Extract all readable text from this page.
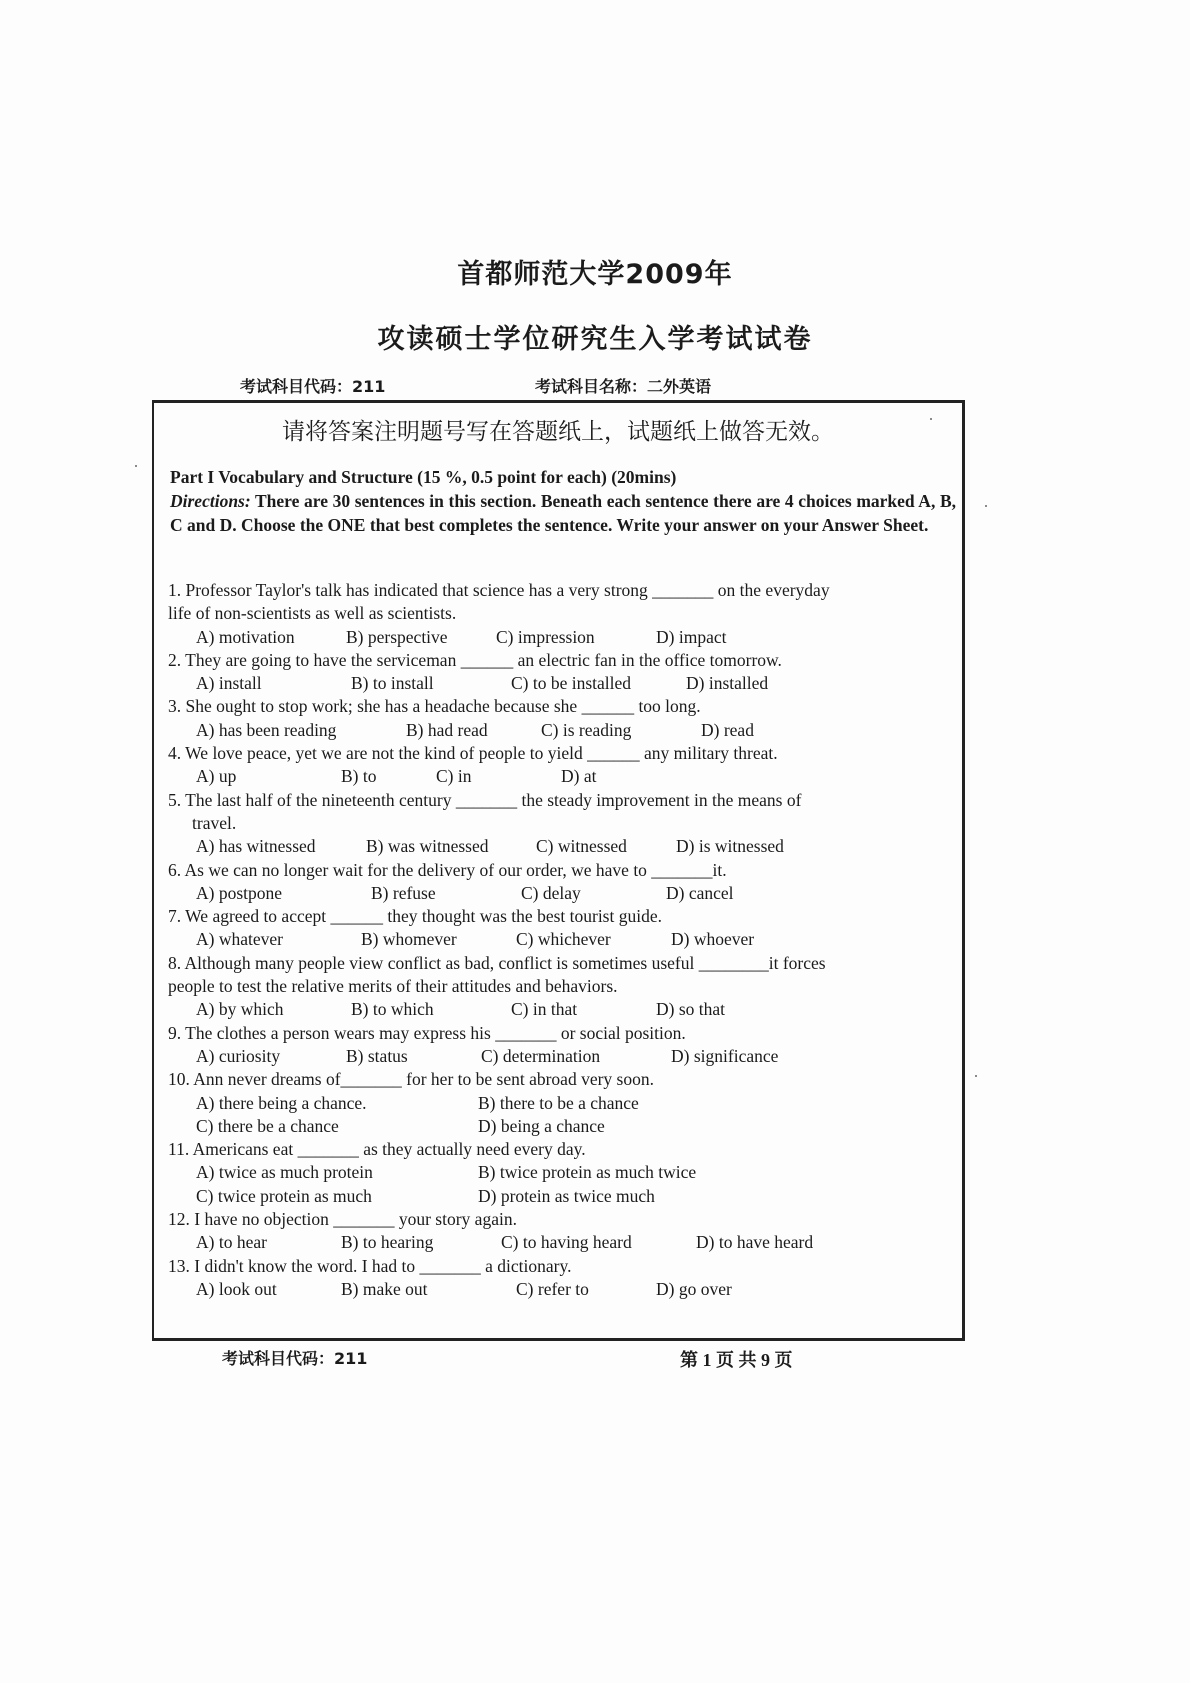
首都师范大学2009年
攻读硕士学位研究生入学考试试卷
考试科目代码：211	考试科目名称：二外英语
请将答案注明题号写在答题纸上，试题纸上做答无效。
Part I Vocabulary and Structure (15 %, 0.5 point for each) (20mins)
Directions: There are 30 sentences in this section. Beneath each sentence there are 4 choices marked A, B, C and D. Choose the ONE that best completes the sentence. Write your answer on your Answer Sheet.
1. Professor Taylor's talk has indicated that science has a very strong _______ on the everyday
life of non-scientists as well as scientists.
A) motivation	B) perspective	C) impression	D) impact
2. They are going to have the serviceman ______ an electric fan in the office tomorrow.
A) install	B) to install	C) to be installed	D) installed
3. She ought to stop work; she has a headache because she ______ too long.
A) has been reading	B) had read	C) is reading	D) read
4. We love peace, yet we are not the kind of people to yield ______ any military threat.
A) up	B) to	C) in	D) at
5. The last half of the nineteenth century _______ the steady improvement in the means of
travel.
A) has witnessed	B) was witnessed	C) witnessed	D) is witnessed
6. As we can no longer wait for the delivery of our order, we have to _______it.
A) postpone	B) refuse	C) delay	D) cancel
7. We agreed to accept ______ they thought was the best tourist guide.
A) whatever	B) whomever	C) whichever	D) whoever
8. Although many people view conflict as bad, conflict is sometimes useful ________it forces
people to test the relative merits of their attitudes and behaviors.
A) by which	B) to which	C) in that	D) so that
9. The clothes a person wears may express his _______ or social position.
A) curiosity	B) status	C) determination	D) significance
10. Ann never dreams of_______ for her to be sent abroad very soon.
A) there being a chance.	B) there to be a chance
C) there be a chance	D) being a chance
11. Americans eat _______ as they actually need every day.
A) twice as much protein	B) twice protein as much twice
C) twice protein as much	D) protein as twice much
12. I have no objection _______ your story again.
A) to hear	B) to hearing	C) to having heard	D) to have heard
13. I didn't know the word. I had to _______ a dictionary.
A) look out	B) make out	C) refer to	D) go over
考试科目代码：211	第 1 页 共 9 页
